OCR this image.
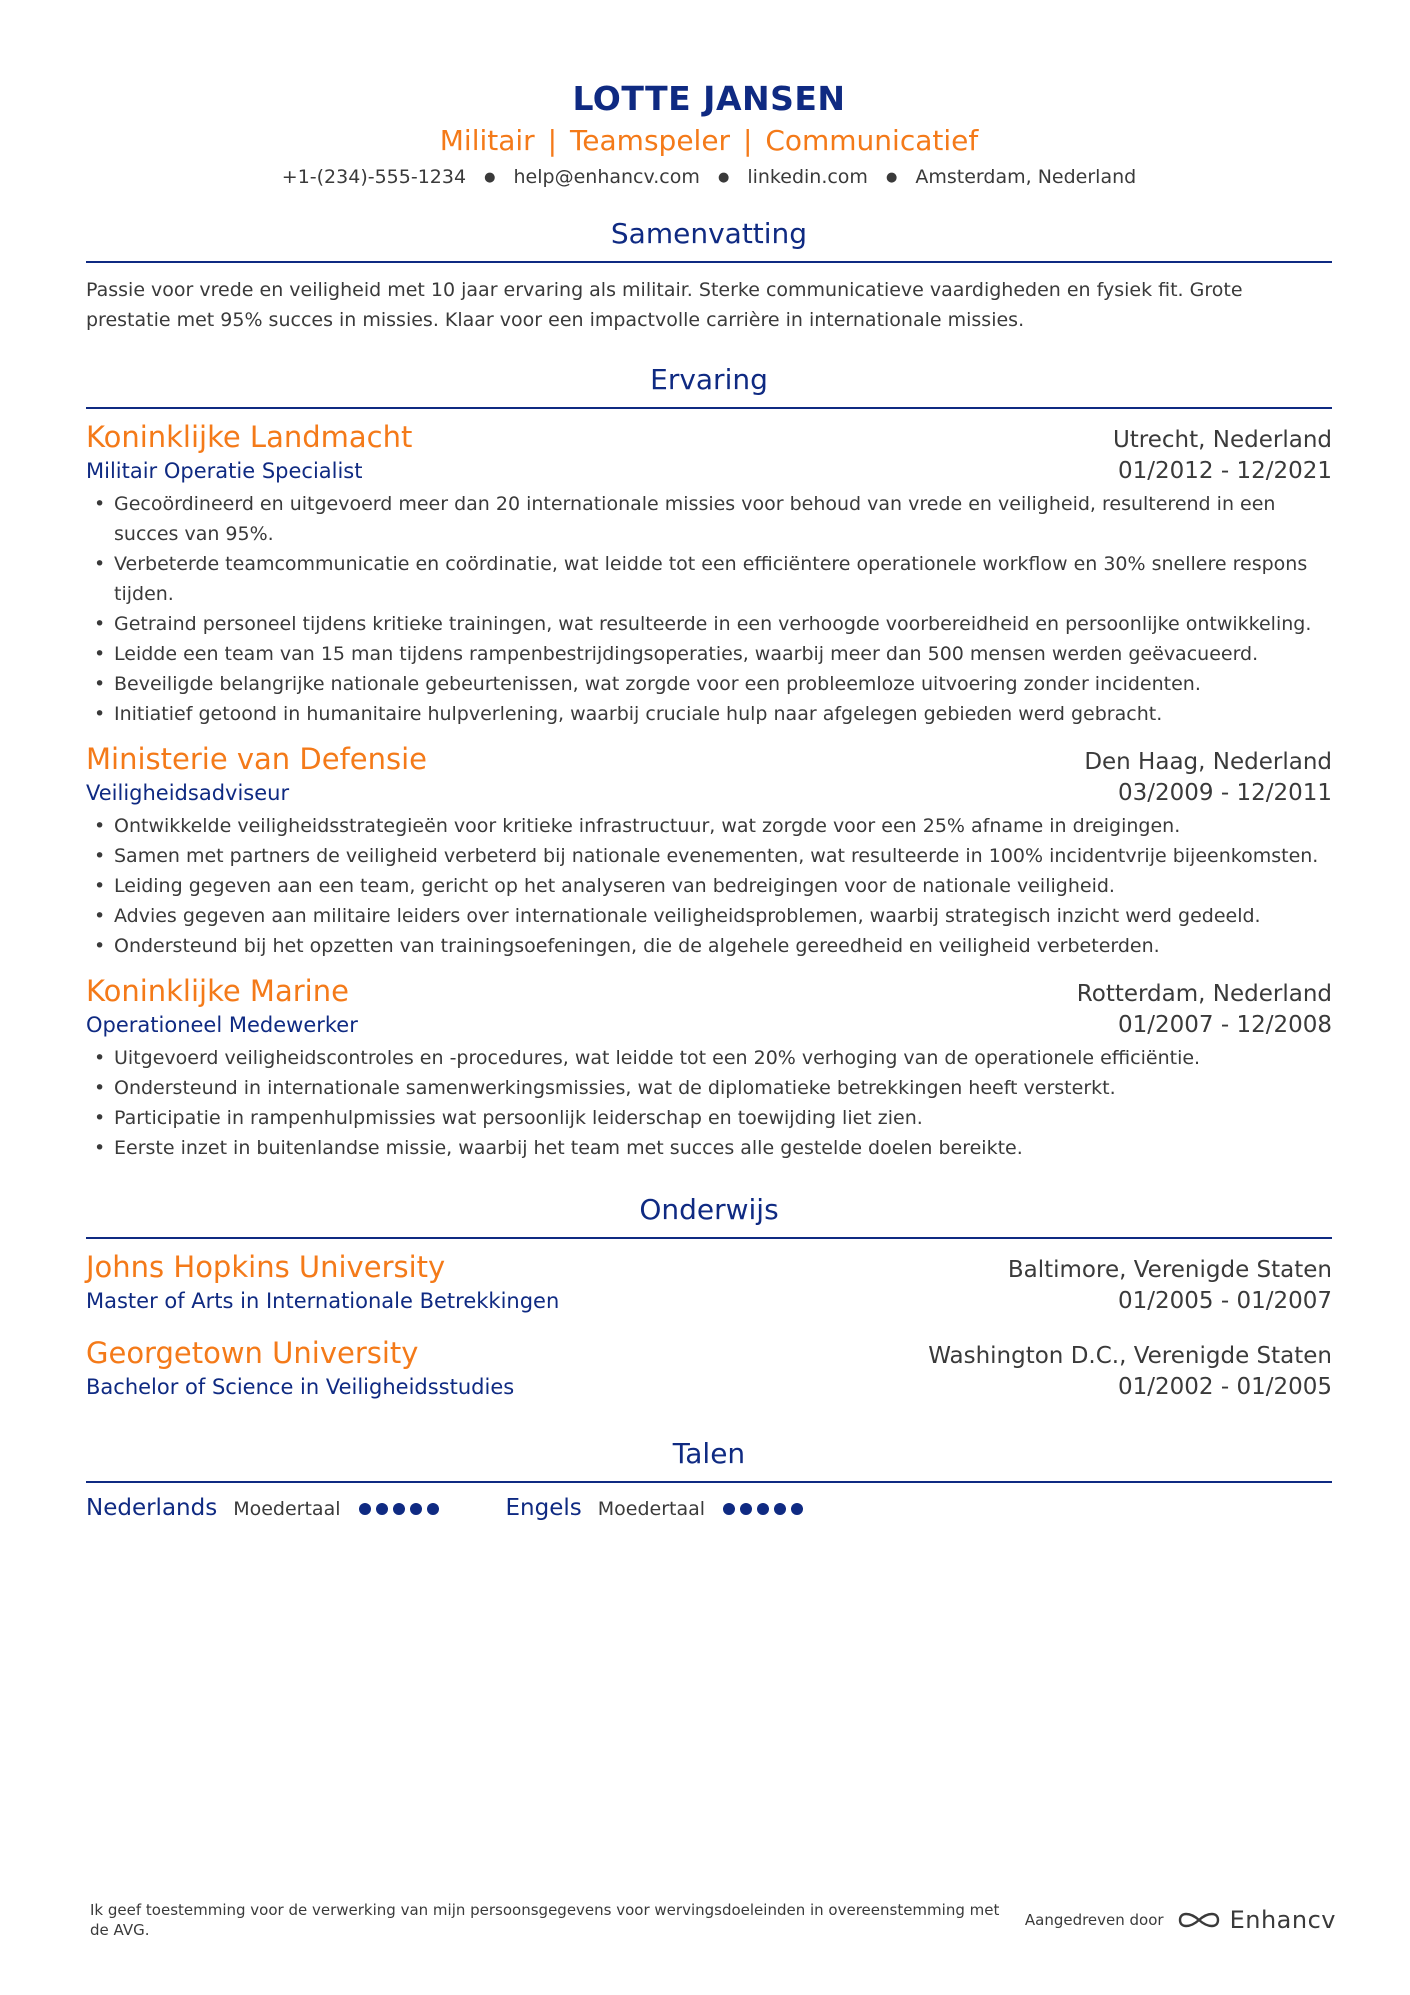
LOTTE JANSEN
Militair | Teamspeler | Communicatief
+1-(234)-555-1234 ● help@enhancv.com ● linkedin.com ● Amsterdam, Nederland
Samenvatting
Passie voor vrede en veiligheid met 10 jaar ervaring als militair. Sterke communicatieve vaardigheden en fysiek fit. Grote prestatie met 95% succes in missies. Klaar voor een impactvolle carrière in internationale missies.
Ervaring
Koninklijke Landmacht	Utrecht, Nederland
Militair Operatie Specialist	01/2012 - 12/2021
• Gecoördineerd en uitgevoerd meer dan 20 internationale missies voor behoud van vrede en veiligheid, resulterend in een succes van 95%.
• Verbeterde teamcommunicatie en coördinatie, wat leidde tot een efficiëntere operationele workflow en 30% snellere respons tijden.
• Getraind personeel tijdens kritieke trainingen, wat resulteerde in een verhoogde voorbereidheid en persoonlijke ontwikkeling.
• Leidde een team van 15 man tijdens rampenbestrijdingsoperaties, waarbij meer dan 500 mensen werden geëvacueerd.
• Beveiligde belangrijke nationale gebeurtenissen, wat zorgde voor een probleemloze uitvoering zonder incidenten.
• Initiatief getoond in humanitaire hulpverlening, waarbij cruciale hulp naar afgelegen gebieden werd gebracht.
Ministerie van Defensie	Den Haag, Nederland
Veiligheidsadviseur	03/2009 - 12/2011
• Ontwikkelde veiligheidsstrategieën voor kritieke infrastructuur, wat zorgde voor een 25% afname in dreigingen.
• Samen met partners de veiligheid verbeterd bij nationale evenementen, wat resulteerde in 100% incidentvrije bijeenkomsten.
• Leiding gegeven aan een team, gericht op het analyseren van bedreigingen voor de nationale veiligheid.
• Advies gegeven aan militaire leiders over internationale veiligheidsproblemen, waarbij strategisch inzicht werd gedeeld.
• Ondersteund bij het opzetten van trainingsoefeningen, die de algehele gereedheid en veiligheid verbeterden.
Koninklijke Marine	Rotterdam, Nederland
Operationeel Medewerker	01/2007 - 12/2008
• Uitgevoerd veiligheidscontroles en -procedures, wat leidde tot een 20% verhoging van de operationele efficiëntie.
• Ondersteund in internationale samenwerkingsmissies, wat de diplomatieke betrekkingen heeft versterkt.
• Participatie in rampenhulpmissies wat persoonlijk leiderschap en toewijding liet zien.
• Eerste inzet in buitenlandse missie, waarbij het team met succes alle gestelde doelen bereikte.
Onderwijs
Johns Hopkins University	Baltimore, Verenigde Staten
Master of Arts in Internationale Betrekkingen	01/2005 - 01/2007
Georgetown University	Washington D.C., Verenigde Staten
Bachelor of Science in Veiligheidsstudies	01/2002 - 01/2005
Talen
Nederlands Moedertaal	Engels Moedertaal
Ik geef toestemming voor de verwerking van mijn persoonsgegevens voor wervingsdoeleinden in overeenstemming met de AVG.
Aangedreven door	Enhancv
